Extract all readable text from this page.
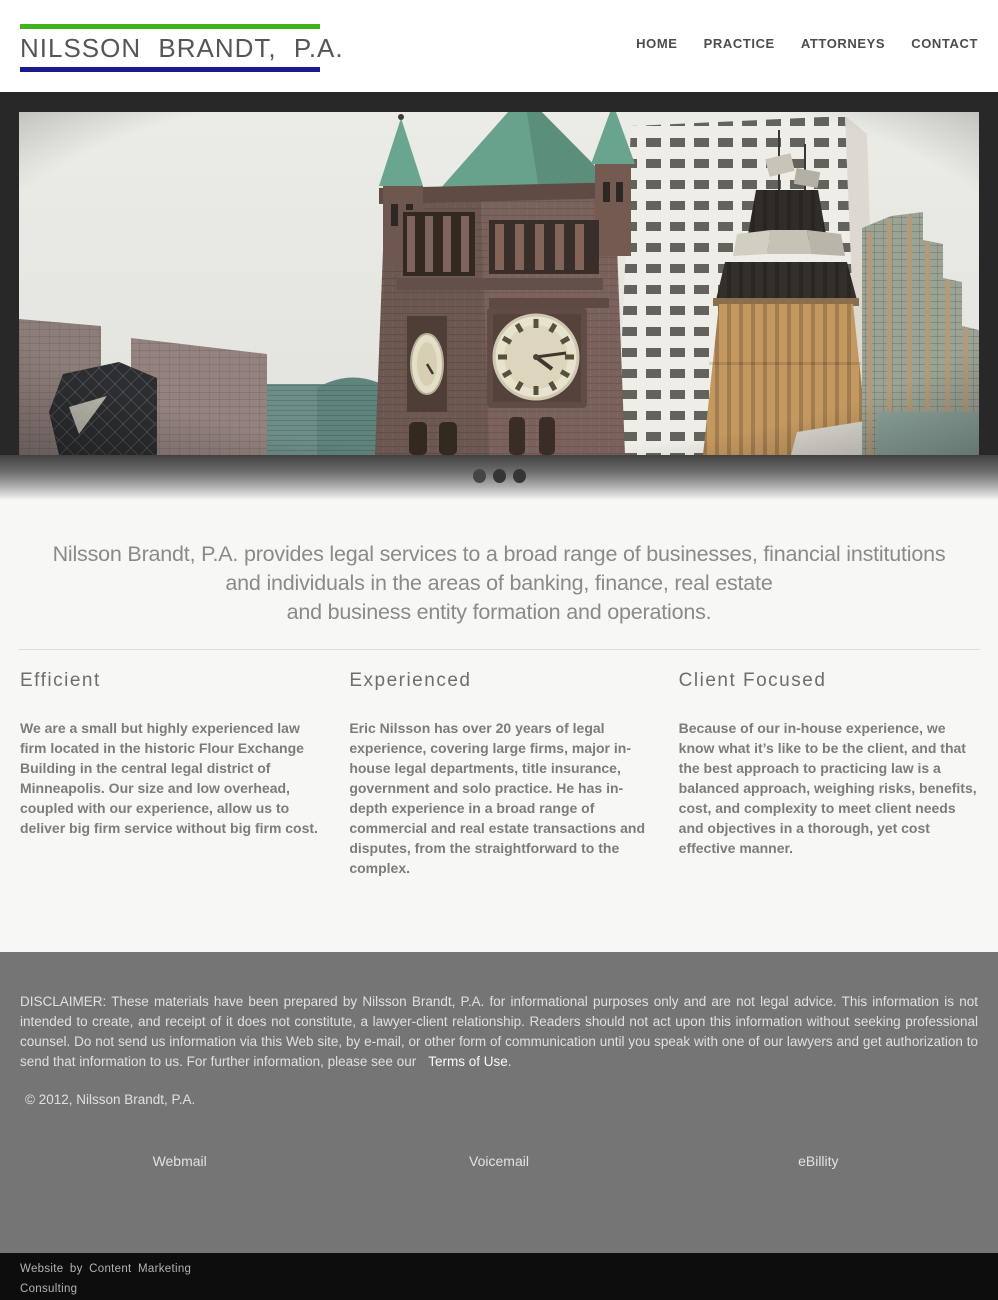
NILSSON BRANDT, P.A.	HOME PRACTICE ATTORNEYS CONTACT
Nilsson Brandt, P.A. provides legal services to a broad range of businesses, financial institutions
and individuals in the areas of banking, finance, real estate
and business entity formation and operations.
Efficient

We are a small but highly experienced law firm located in the historic Flour Exchange Building in the central legal district of Minneapolis. Our size and low overhead, coupled with our experience, allow us to deliver big firm service without big firm cost.

Experienced

Eric Nilsson has over 20 years of legal experience, covering large firms, major in-house legal departments, title insurance, government and solo practice. He has in-depth experience in a broad range of commercial and real estate transactions and disputes, from the straightforward to the complex.

Client Focused

Because of our in-house experience, we know what it’s like to be the client, and that the best approach to practicing law is a balanced approach, weighing risks, benefits, cost, and complexity to meet client needs and objectives in a thorough, yet cost effective manner.

DISCLAIMER: These materials have been prepared by Nilsson Brandt, P.A. for informational purposes only and are not legal advice. This information is not intended to create, and receipt of it does not constitute, a lawyer-client relationship. Readers should not act upon this information without seeking professional counsel. Do not send us information via this Web site, by e-mail, or other form of communication until you speak with one of our lawyers and get authorization to send that information to us. For further information, please see our Terms of Use.

© 2012, Nilsson Brandt, P.A.

Webmail	Voicemail	eBillity
Website by Content Marketing
Consulting
